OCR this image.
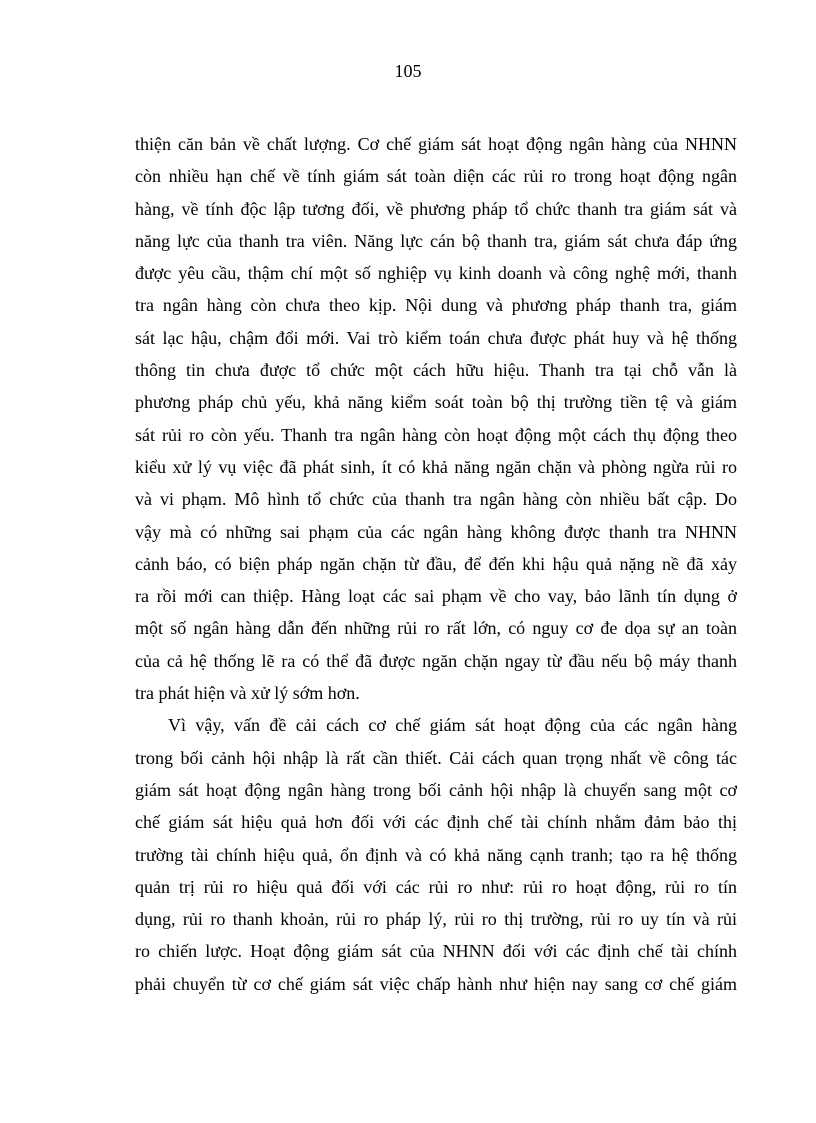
105
thiện căn bản về chất lượng. Cơ chế giám sát hoạt động ngân hàng của NHNN
còn nhiều hạn chế về tính giám sát toàn diện các rủi ro trong hoạt động ngân
hàng, về tính độc lập tương đối, về phương pháp tổ chức thanh tra giám sát và
năng lực của thanh tra viên. Năng lực cán bộ thanh tra, giám sát chưa đáp ứng
được yêu cầu, thậm chí một số nghiệp vụ kinh doanh và công nghệ mới, thanh
tra ngân hàng còn chưa theo kịp. Nội dung và phương pháp thanh tra, giám
sát lạc hậu, chậm đổi mới. Vai trò kiểm toán chưa được phát huy và hệ thống
thông tin chưa được tổ chức một cách hữu hiệu. Thanh tra tại chỗ vẫn là
phương pháp chủ yếu, khả năng kiểm soát toàn bộ thị trường tiền tệ và giám
sát rủi ro còn yếu. Thanh tra ngân hàng còn hoạt động một cách thụ động theo
kiểu xử lý vụ việc đã phát sinh, ít có khả năng ngăn chặn và phòng ngừa rủi ro
và vi phạm. Mô hình tổ chức của thanh tra ngân hàng còn nhiều bất cập. Do
vậy mà có những sai phạm của các ngân hàng không được thanh tra NHNN
cảnh báo, có biện pháp ngăn chặn từ đầu, để đến khi hậu quả nặng nề đã xảy
ra rồi mới can thiệp. Hàng loạt các sai phạm về cho vay, bảo lãnh tín dụng ở
một số ngân hàng dẫn đến những rủi ro rất lớn, có nguy cơ đe dọa sự an toàn
của cả hệ thống lẽ ra có thể đã được ngăn chặn ngay từ đầu nếu bộ máy thanh
tra phát hiện và xử lý sớm hơn.
Vì vậy, vấn đề cải cách cơ chế giám sát hoạt động của các ngân hàng
trong bối cảnh hội nhập là rất cần thiết. Cải cách quan trọng nhất về công tác
giám sát hoạt động ngân hàng trong bối cảnh hội nhập là chuyển sang một cơ
chế giám sát hiệu quả hơn đối với các định chế tài chính nhằm đảm bảo thị
trường tài chính hiệu quả, ổn định và có khả năng cạnh tranh; tạo ra hệ thống
quản trị rủi ro hiệu quả đối với các rủi ro như: rủi ro hoạt động, rủi ro tín
dụng, rủi ro thanh khoản, rủi ro pháp lý, rủi ro thị trường, rủi ro uy tín và rủi
ro chiến lược. Hoạt động giám sát của NHNN đối với các định chế tài chính
phải chuyển từ cơ chế giám sát việc chấp hành như hiện nay sang cơ chế giám
